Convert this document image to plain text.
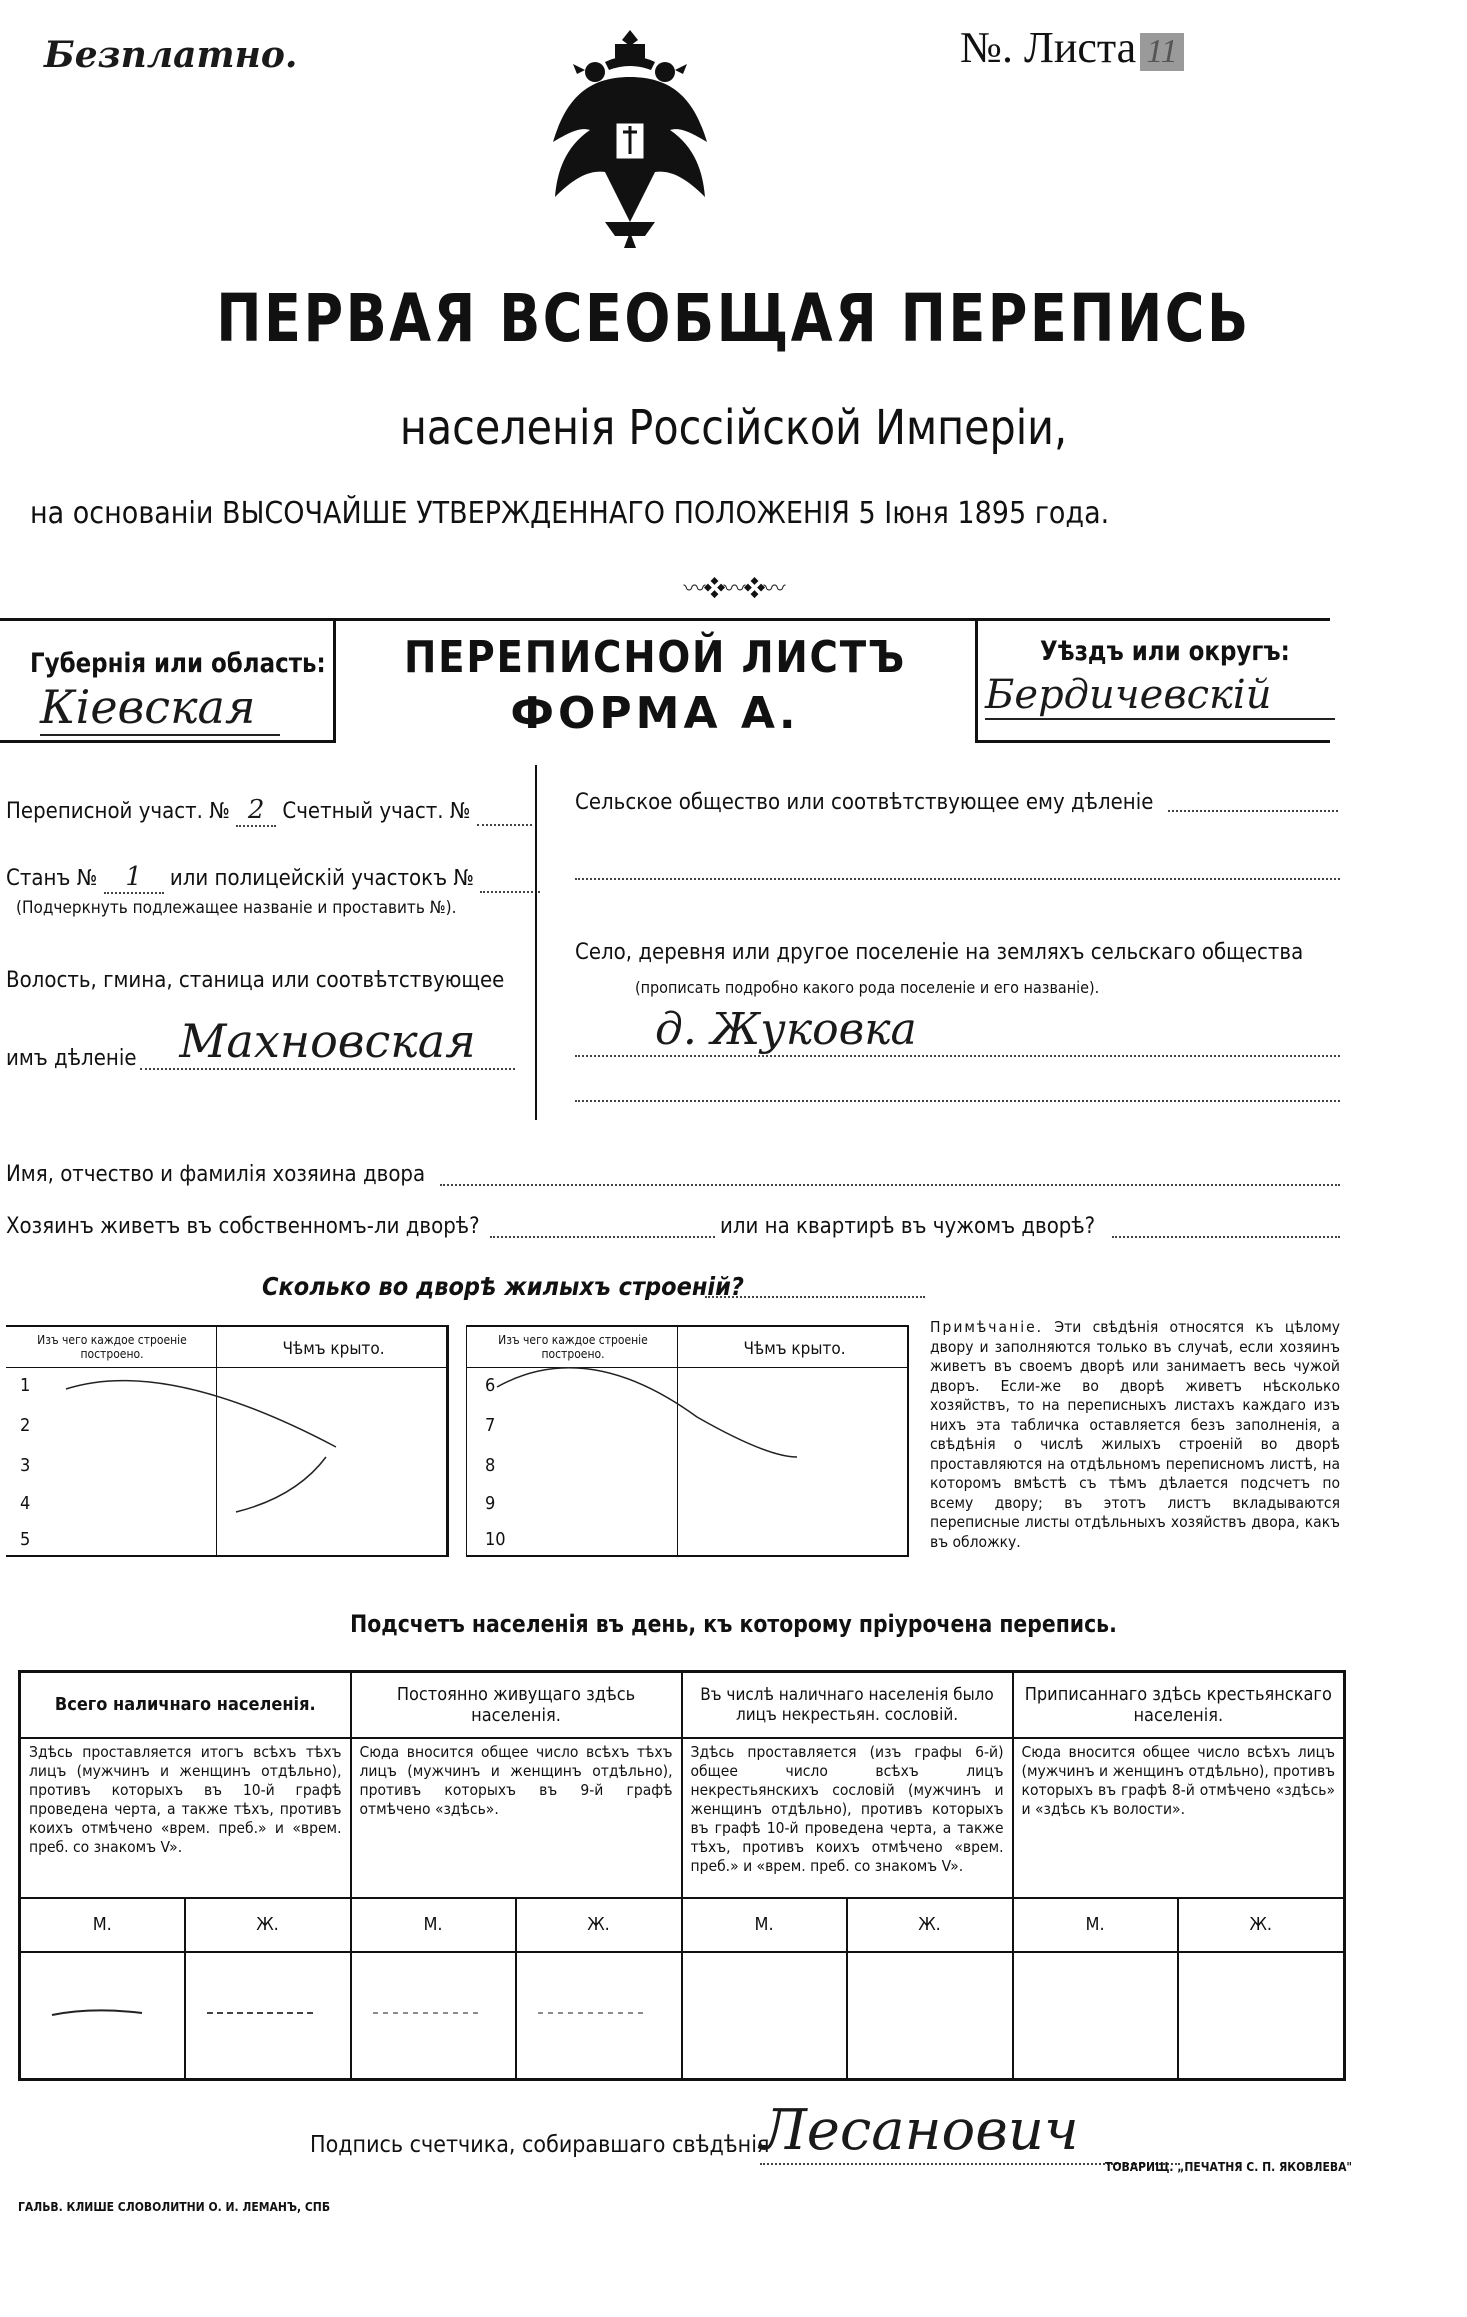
Безплатно.	№. Листа 11
ПЕРВАЯ ВСЕОБЩАЯ ПЕРЕПИСЬ
населенія Россійской Имперіи,
на основаніи ВЫСОЧАЙШЕ УТВЕРЖДЕННАГО ПОЛОЖЕНІЯ 5 Іюня 1895 года.
〰❖〰❖〰
Губернія или область:
Кіевская
ПЕРЕПИСНОЙ ЛИСТЪ
ФОРМА А.
Уѣздъ или округъ:
Бердичевскій
Переписной участ. № 2 Счетный участ. №
Станъ № 1 или полицейскій участокъ №
(Подчеркнуть подлежащее названіе и проставить №).
Волость, гмина, станица или соотвѣтствующее
имъ дѣленіе Махновская
Сельское общество или соотвѣтствующее ему дѣленіе
Село, деревня или другое поселеніе на земляхъ сельскаго общества
(прописать подробно какого рода поселеніе и его названіе).
д. Жуковка
Имя, отчество и фамилія хозяина двора
Хозяинъ живетъ въ собственномъ-ли дворѣ?	или на квартирѣ въ чужомъ дворѣ?
Сколько во дворѣ жилыхъ строеній?
Изъ чего каждое строеніе построено.	Чѣмъ крыто.
1
2
3
4
5
Изъ чего каждое строеніе построено.	Чѣмъ крыто.
6
7
8
9
10
Примѣчаніе. Эти свѣдѣнія относятся къ цѣлому двору и заполняются только въ случаѣ, если хозяинъ живетъ въ своемъ дворѣ или занимаетъ весь чужой дворъ. Если-же во дворѣ живетъ нѣсколько хозяйствъ, то на переписныхъ листахъ каждаго изъ нихъ эта табличка оставляется безъ заполненія, а свѣдѣнія о числѣ жилыхъ строеній во дворѣ проставляются на отдѣльномъ переписномъ листѣ, на которомъ вмѣстѣ съ тѣмъ дѣлается подсчетъ по всему двору; въ этотъ листъ вкладываются переписные листы отдѣльныхъ хозяйствъ двора, какъ въ обложку.
Подсчетъ населенія въ день, къ которому пріурочена перепись.
Всего наличнаго населенія.		Постоянно живущаго здѣсь населенія.		Въ числѣ наличнаго населенія было лицъ некрестьян. сословій.		Приписаннаго здѣсь крестьянскаго населенія.	
Здѣсь проставляется итогъ всѣхъ тѣхъ лицъ (мужчинъ и женщинъ отдѣльно), противъ которыхъ въ 10-й графѣ проведена черта, а также тѣхъ, противъ коихъ отмѣчено «врем. преб.» и «врем. преб. со знакомъ V».		Сюда вносится общее число всѣхъ тѣхъ лицъ (мужчинъ и женщинъ отдѣльно), противъ которыхъ въ 9-й графѣ отмѣчено «здѣсь».		Здѣсь проставляется (изъ графы 6-й) общее число всѣхъ лицъ некрестьянскихъ сословій (мужчинъ и женщинъ отдѣльно), противъ которыхъ въ графѣ 10-й проведена черта, а также тѣхъ, противъ коихъ отмѣчено «врем. преб.» и «врем. преб. со знакомъ V».		Сюда вносится общее число всѣхъ лицъ (мужчинъ и женщинъ отдѣльно), противъ которыхъ въ графѣ 8-й отмѣчено «здѣсь» и «здѣсь къ волости».	
М.	Ж.	М.	Ж.	М.	Ж.	М.	Ж.

Подпись счетчика, собиравшаго свѣдѣнія
Лесанович
ГАЛЬВ. КЛИШЕ СЛОВОЛИТНИ О. И. ЛЕМАНЪ, СПБ
ТОВАРИЩ. „ПЕЧАТНЯ С. П. ЯКОВЛЕВА"
